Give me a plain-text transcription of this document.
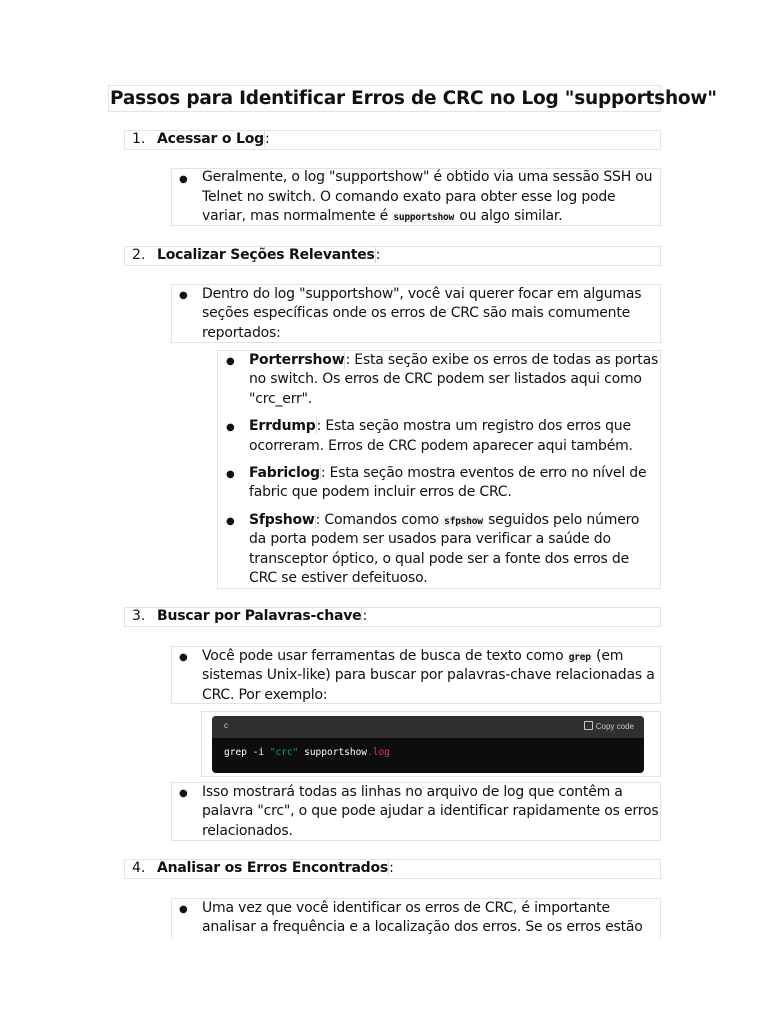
Passos para Identificar Erros de CRC no Log "supportshow"
1. Acessar o Log:
● Geralmente, o log "supportshow" é obtido via uma sessão SSH ou
Telnet no switch. O comando exato para obter esse log pode
variar, mas normalmente é supportshow ou algo similar.
2. Localizar Seções Relevantes:
● Dentro do log "supportshow", você vai querer focar em algumas
seções específicas onde os erros de CRC são mais comumente
reportados:
● Porterrshow: Esta seção exibe os erros de todas as portas
no switch. Os erros de CRC podem ser listados aqui como
"crc_err".
● Errdump: Esta seção mostra um registro dos erros que
ocorreram. Erros de CRC podem aparecer aqui também.
● Fabriclog: Esta seção mostra eventos de erro no nível de
fabric que podem incluir erros de CRC.
● Sfpshow: Comandos como sfpshow seguidos pelo número
da porta podem ser usados para verificar a saúde do
transceptor óptico, o qual pode ser a fonte dos erros de
CRC se estiver defeituoso.
3. Buscar por Palavras-chave:
● Você pode usar ferramentas de busca de texto como grep (em
sistemas Unix-like) para buscar por palavras-chave relacionadas a
CRC. Por exemplo:
c	Copy code
grep -i "crc" supportshow.log
● Isso mostrará todas as linhas no arquivo de log que contêm a
palavra "crc", o que pode ajudar a identificar rapidamente os erros
relacionados.
4. Analisar os Erros Encontrados:
● Uma vez que você identificar os erros de CRC, é importante
analisar a frequência e a localização dos erros. Se os erros estão
